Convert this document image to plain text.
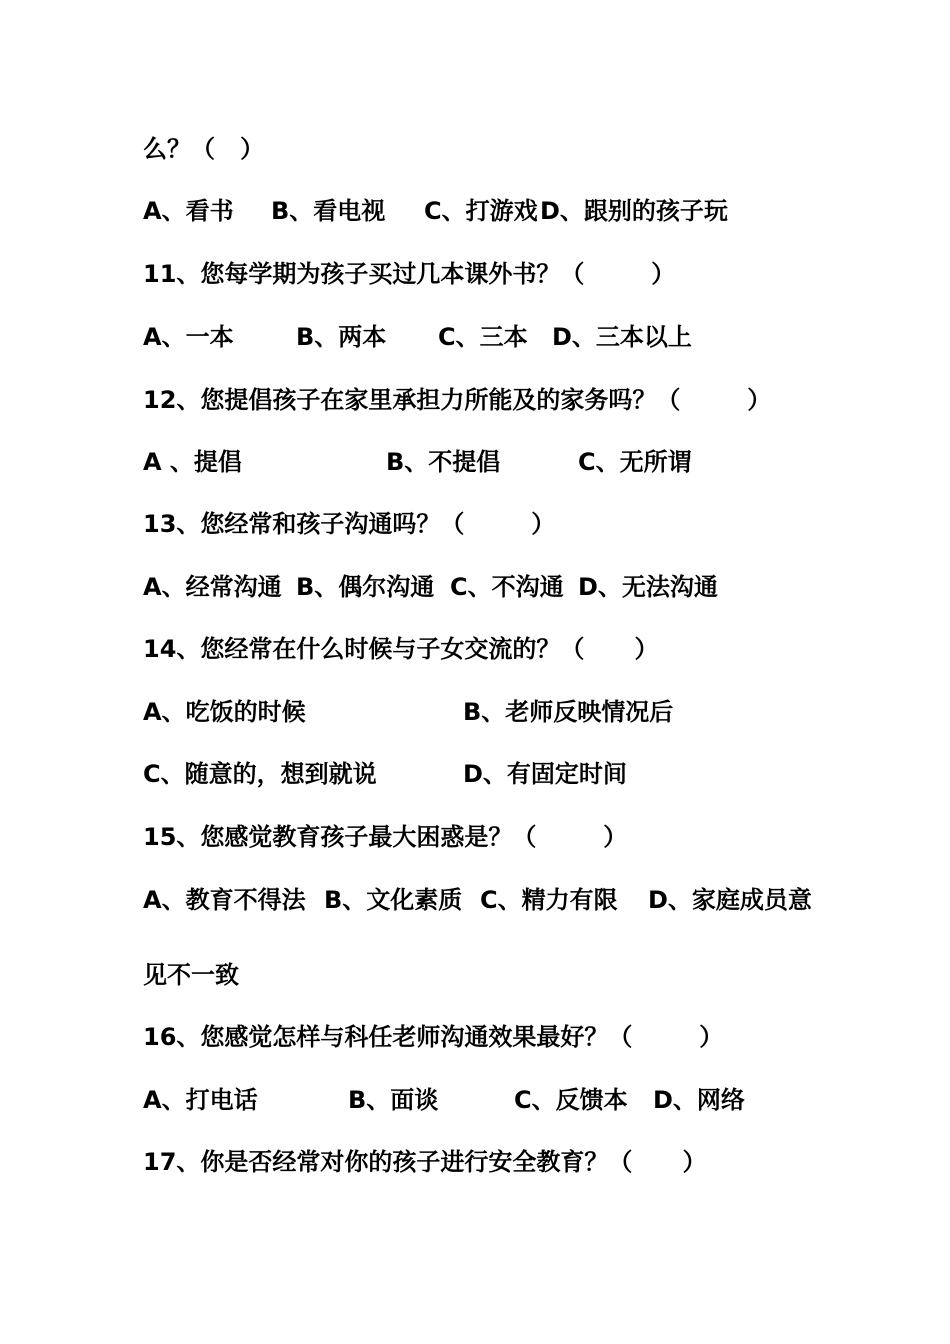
么？（   ）

A、看书

B、看电视

C、打游戏

D、跟别的孩子玩

11、您每学期为孩子买过几本课外书？（        ）

A、一本

	B、两本

C、三本

D、三本以上

12、您提倡孩子在家里承担力所能及的家务吗？（        ）

A 、提倡

	B、不提倡

	C、无所谓

13、您经常和孩子沟通吗？（        ）

A、经常沟通

B、偶尔沟通

C、不沟通

D、无法沟通

14、您经常在什么时候与子女交流的？（      ）

A、吃饭的时候

	B、老师反映情况后

C、随意的，想到就说

	D、有固定时间

15、您感觉教育孩子最大困惑是？（        ）

A、教育不得法

B、文化素质

C、精力有限

D、家庭成员意

见不一致

16、您感觉怎样与科任老师沟通效果最好？（        ）

A、打电话

	B、面谈

	C、反馈本

D、网络

17、你是否经常对你的孩子进行安全教育？（      ）
